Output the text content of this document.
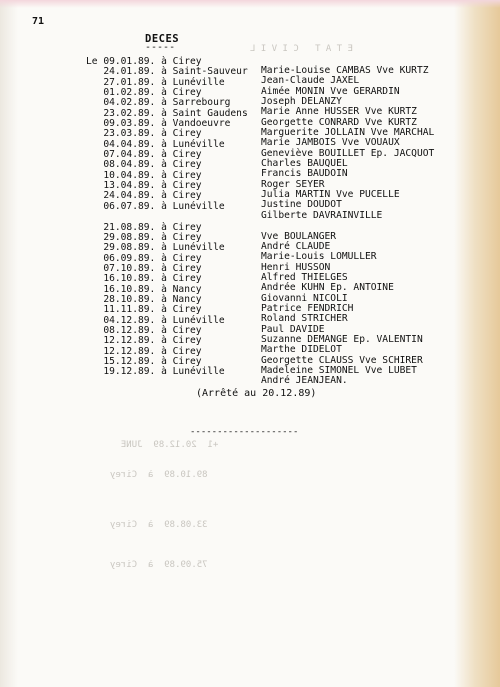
E T A T   C I V I L
+1  20.12.89  JUNE
89.10.89  à  Cirey
33.08.89  à  Cirey
75.09.89  à  Cirey
71
DECES
-----
Le 09.01.89. à Cirey
24.01.89. à Saint-Sauveur
27.01.89. à Lunéville
01.02.89. à Cirey
04.02.89. à Sarrebourg
23.02.89. à Saint Gaudens
09.03.89. à Vandoeuvre
23.03.89. à Cirey
04.04.89. à Lunéville
07.04.89. à Cirey
08.04.89. à Cirey
10.04.89. à Cirey
13.04.89. à Cirey
24.04.89. à Cirey
06.07.89. à Lunéville
21.08.89. à Cirey
29.08.89. à Cirey
29.08.89. à Lunéville
06.09.89. à Cirey
07.10.89. à Cirey
16.10.89. à Cirey
16.10.89. à Nancy
28.10.89. à Nancy
11.11.89. à Cirey
04.12.89. à Lunéville
08.12.89. à Cirey
12.12.89. à Cirey
12.12.89. à Cirey
15.12.89. à Cirey
19.12.89. à Lunéville
Marie-Louise CAMBAS Vve KURTZ
Jean-Claude JAXEL
Aimée MONIN Vve GERARDIN
Joseph DELANZY
Marie Anne HUSSER Vve KURTZ
Georgette CONRARD Vve KURTZ
Marguerite JOLLAIN Vve MARCHAL
Marie JAMBOIS Vve VOUAUX
Geneviève BOUILLET Ep. JACQUOT
Charles BAUQUEL
Francis BAUDOIN
Roger SEYER
Julia MARTIN Vve PUCELLE
Justine DOUDOT
Gilberte DAVRAINVILLE
Vve BOULANGER
André CLAUDE
Marie-Louis LOMULLER
Henri HUSSON
Alfred THIELGES
Andrée KUHN Ep. ANTOINE
Giovanni NICOLI
Patrice FENDRICH
Roland STRICHER
Paul DAVIDE
Suzanne DEMANGE Ep. VALENTIN
Marthe DIDELOT
Georgette CLAUSS Vve SCHIRER
Madeleine SIMONEL Vve LUBET
André JEANJEAN.
(Arrêté au 20.12.89)
--------------------
